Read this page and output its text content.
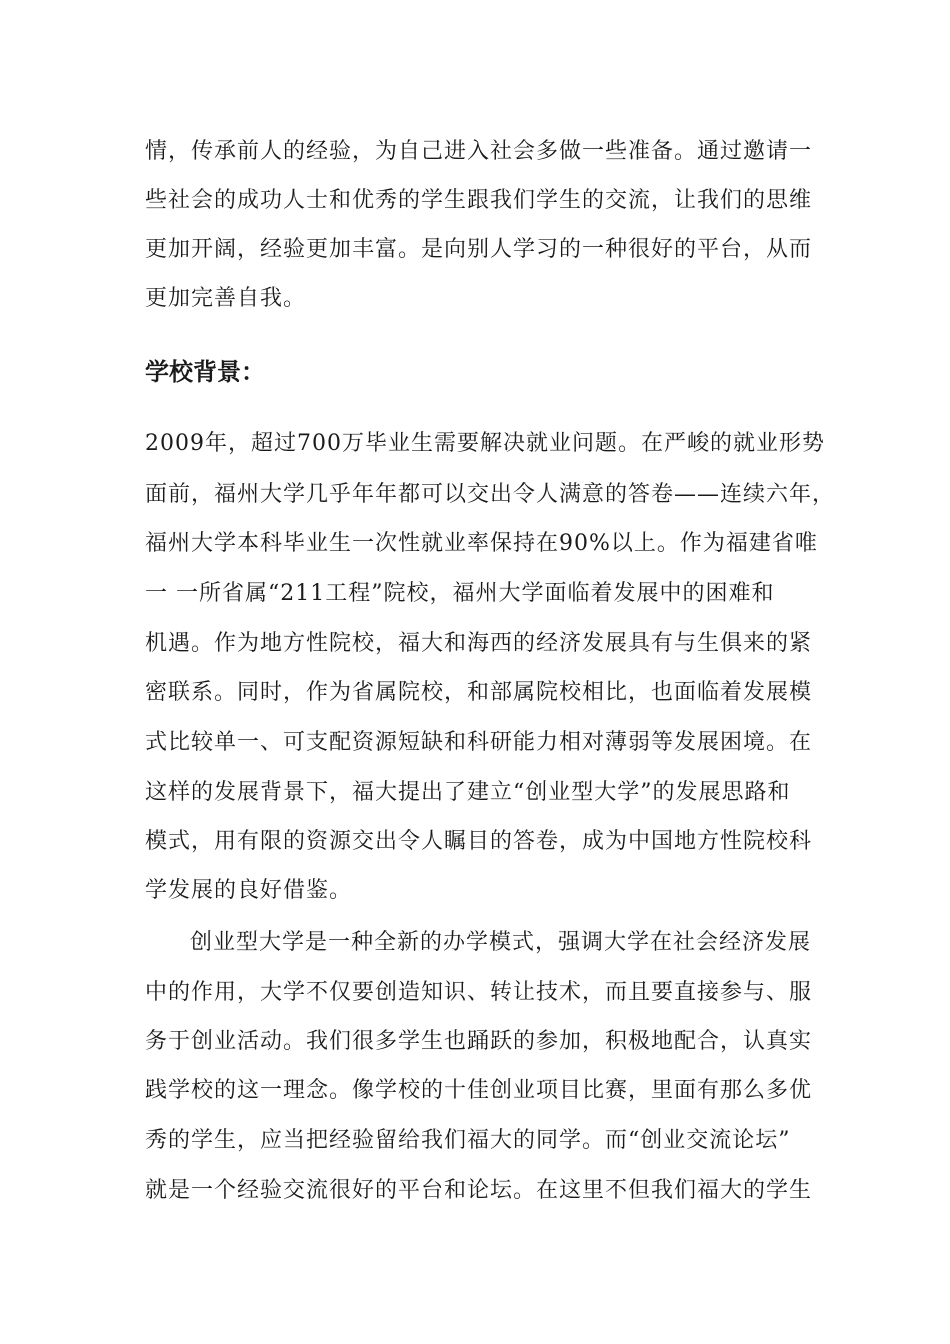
情，传承前人的经验，为自己进入社会多做一些准备。通过邀请一
些社会的成功人士和优秀的学生跟我们学生的交流，让我们的思维
更加开阔，经验更加丰富。是向别人学习的一种很好的平台，从而
更加完善自我。
学校背景：
2009年，超过700万毕业生需要解决就业问题。在严峻的就业形势
面前，福州大学几乎年年都可以交出令人满意的答卷——连续六年，
福州大学本科毕业生一次性就业率保持在90%以上。作为福建省唯
一 一所省属“211工程”院校，福州大学面临着发展中的困难和
机遇。作为地方性院校，福大和海西的经济发展具有与生俱来的紧
密联系。同时，作为省属院校，和部属院校相比，也面临着发展模
式比较单一、可支配资源短缺和科研能力相对薄弱等发展困境。在
这样的发展背景下，福大提出了建立“创业型大学”的发展思路和
模式，用有限的资源交出令人瞩目的答卷，成为中国地方性院校科
学发展的良好借鉴。
创业型大学是一种全新的办学模式，强调大学在社会经济发展
中的作用，大学不仅要创造知识、转让技术，而且要直接参与、服
务于创业活动。我们很多学生也踊跃的参加，积极地配合，认真实
践学校的这一理念。像学校的十佳创业项目比赛，里面有那么多优
秀的学生，应当把经验留给我们福大的同学。而“创业交流论坛”
就是一个经验交流很好的平台和论坛。在这里不但我们福大的学生
